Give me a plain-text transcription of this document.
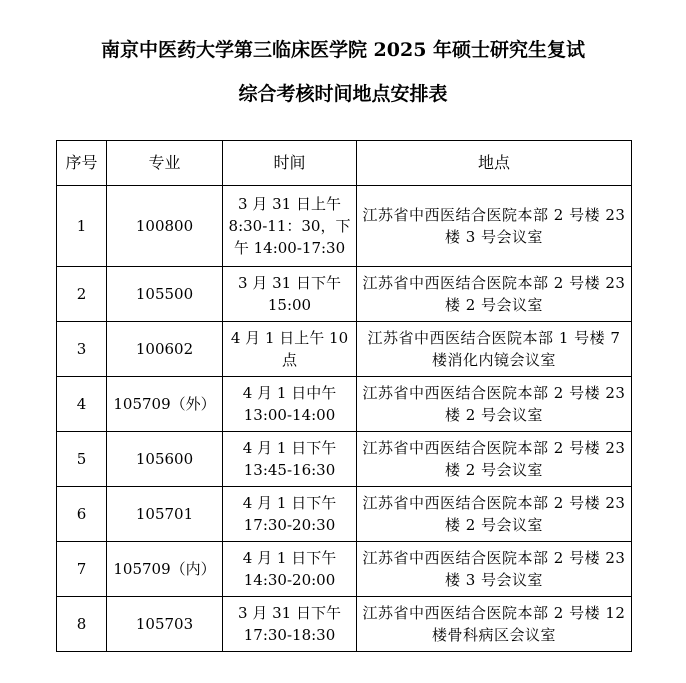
南京中医药大学第三临床医学院 2025 年硕士研究生复试
综合考核时间地点安排表
序号	专业	时间	地点
1	100800	3 月 31 日上午 8:30-11：30，下午 14:00-17:30	江苏省中西医结合医院本部 2 号楼 23 楼 3 号会议室
2	105500	3 月 31 日下午 15:00	江苏省中西医结合医院本部 2 号楼 23 楼 2 号会议室
3	100602	4 月 1 日上午 10 点	江苏省中西医结合医院本部 1 号楼 7 楼消化内镜会议室
4	105709（外）	4 月 1 日中午 13:00-14:00	江苏省中西医结合医院本部 2 号楼 23 楼 2 号会议室
5	105600	4 月 1 日下午 13:45-16:30	江苏省中西医结合医院本部 2 号楼 23 楼 2 号会议室
6	105701	4 月 1 日下午 17:30-20:30	江苏省中西医结合医院本部 2 号楼 23 楼 2 号会议室
7	105709（内）	4 月 1 日下午 14:30-20:00	江苏省中西医结合医院本部 2 号楼 23 楼 3 号会议室
8	105703	3 月 31 日下午 17:30-18:30	江苏省中西医结合医院本部 2 号楼 12 楼骨科病区会议室
